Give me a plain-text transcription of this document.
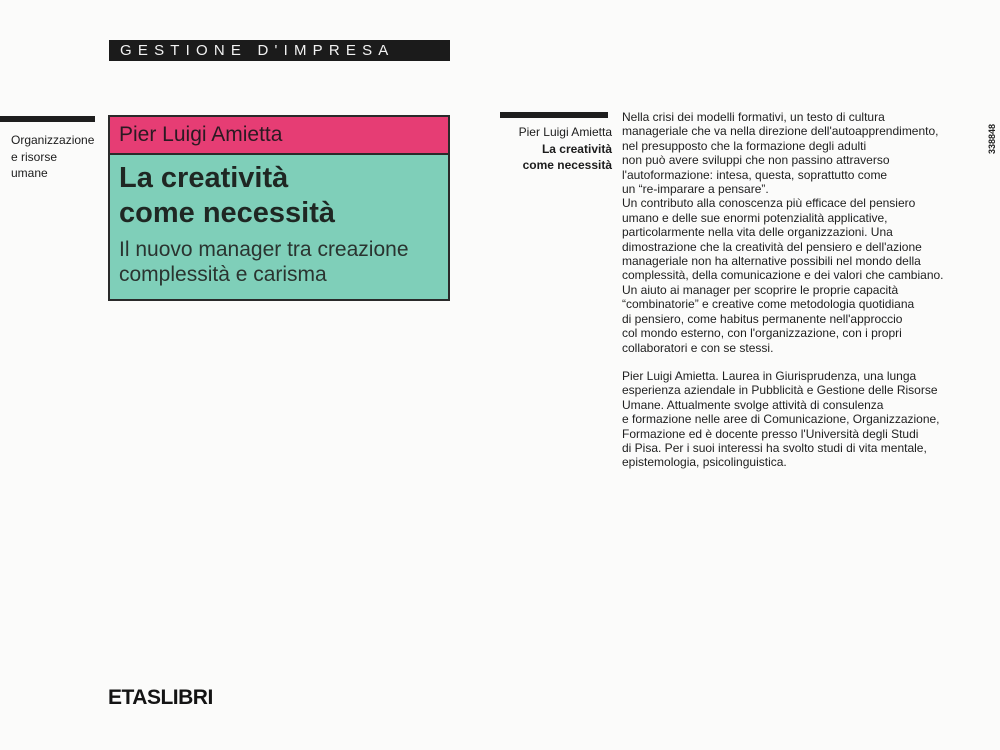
GESTIONE D'IMPRESA
Organizzazione
e risorse
umane
Pier Luigi Amietta
La creatività
come necessità
Il nuovo manager tra creazione
complessità e carisma
Pier Luigi Amietta
La creatività
come necessità
Nella crisi dei modelli formativi, un testo di cultura
manageriale che va nella direzione dell'autoapprendimento,
nel presupposto che la formazione degli adulti
non può avere sviluppi che non passino attraverso
l'autoformazione: intesa, questa, soprattutto come
un “re-imparare a pensare”.
Un contributo alla conoscenza più efficace del pensiero
umano e delle sue enormi potenzialità applicative,
particolarmente nella vita delle organizzazioni. Una
dimostrazione che la creatività del pensiero e dell'azione
manageriale non ha alternative possibili nel mondo della
complessità, della comunicazione e dei valori che cambiano.
Un aiuto ai manager per scoprire le proprie capacità
“combinatorie” e creative come metodologia quotidiana
di pensiero, come habitus permanente nell'approccio
col mondo esterno, con l'organizzazione, con i propri
collaboratori e con se stessi.
Pier Luigi Amietta. Laurea in Giurisprudenza, una lunga
esperienza aziendale in Pubblicità e Gestione delle Risorse
Umane. Attualmente svolge attività di consulenza
e formazione nelle aree di Comunicazione, Organizzazione,
Formazione ed è docente presso l'Università degli Studi
di Pisa. Per i suoi interessi ha svolto studi di vita mentale,
epistemologia, psicolinguistica.
338848
ETASLIBRI
